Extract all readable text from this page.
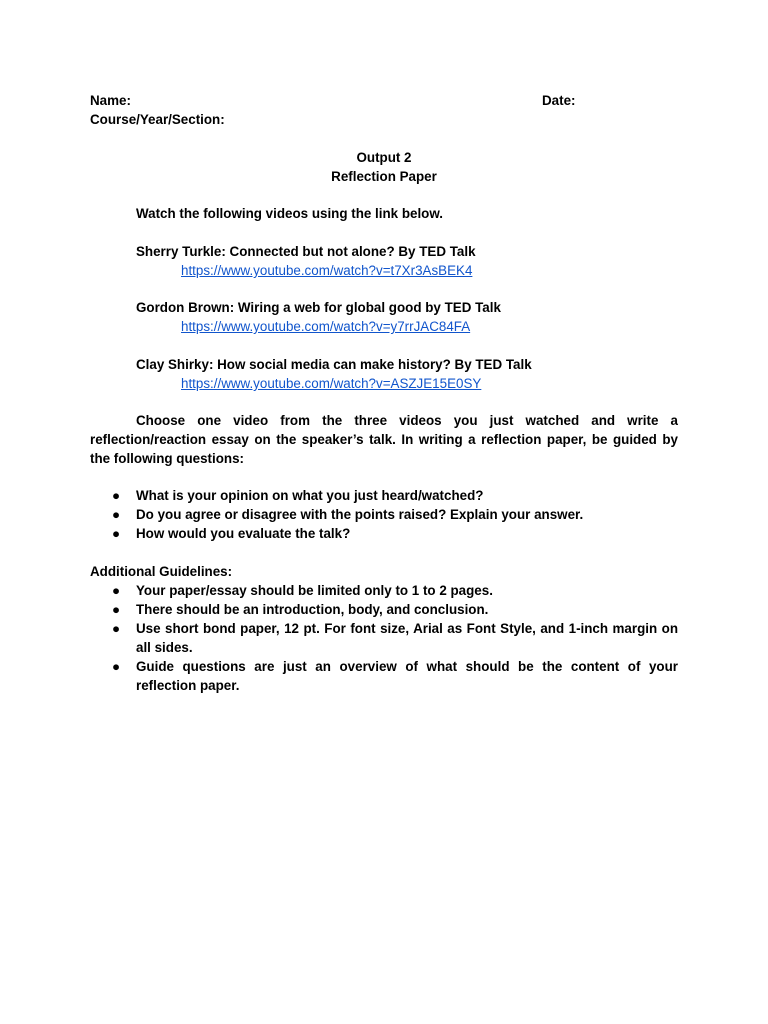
Name:	Date:
Course/Year/Section:
Output 2
Reflection Paper
Watch the following videos using the link below.
Sherry Turkle: Connected but not alone? By TED Talk
https://www.youtube.com/watch?v=t7Xr3AsBEK4
Gordon Brown: Wiring a web for global good by TED Talk
https://www.youtube.com/watch?v=y7rrJAC84FA
Clay Shirky: How social media can make history? By TED Talk
https://www.youtube.com/watch?v=ASZJE15E0SY
Choose one video from the three videos you just watched and write a reflection/reaction essay on the speaker’s talk. In writing a reflection paper, be guided by the following questions:
● What is your opinion on what you just heard/watched?
● Do you agree or disagree with the points raised? Explain your answer.
● How would you evaluate the talk?
Additional Guidelines:
● Your paper/essay should be limited only to 1 to 2 pages.
● There should be an introduction, body, and conclusion.
● Use short bond paper, 12 pt. For font size, Arial as Font Style, and 1-inch margin on all sides.
● Guide questions are just an overview of what should be the content of your reflection paper.
